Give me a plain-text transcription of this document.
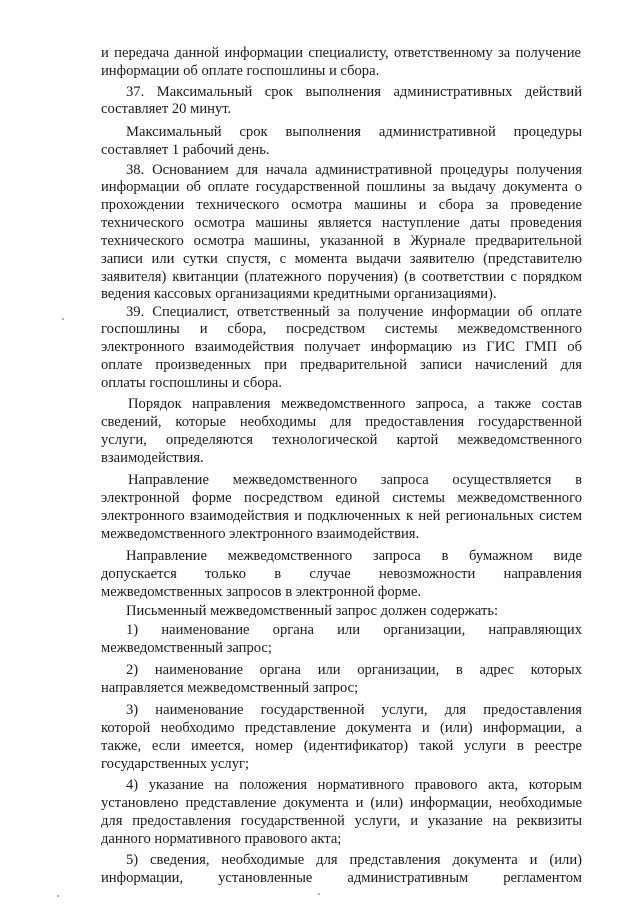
и передача данной информации специалисту, ответственному за получение
информации об оплате госпошлины и сбора.
37. Максимальный срок выполнения административных действий
составляет 20 минут.
Максимальный срок выполнения административной процедуры
составляет 1 рабочий день.
38. Основанием для начала административной процедуры получения
информации об оплате государственной пошлины за выдачу документа о
прохождении технического осмотра машины и сбора за проведение
технического осмотра машины является наступление даты проведения
технического осмотра машины, указанной в Журнале предварительной
записи или сутки спустя, с момента выдачи заявителю (представителю
заявителя) квитанции (платежного поручения) (в соответствии с порядком
ведения кассовых организациями кредитными организациями).
39. Специалист, ответственный за получение информации об оплате
госпошлины и сбора, посредством системы межведомственного
электронного взаимодействия получает информацию из ГИС ГМП об
оплате произведенных при предварительной записи начислений для
оплаты госпошлины и сбора.
Порядок направления межведомственного запроса, а также состав
сведений, которые необходимы для предоставления государственной
услуги, определяются технологической картой межведомственного
взаимодействия.
Направление межведомственного запроса осуществляется в
электронной форме посредством единой системы межведомственного
электронного взаимодействия и подключенных к ней региональных систем
межведомственного электронного взаимодействия.
Направление межведомственного запроса в бумажном виде
допускается только в случае невозможности направления
межведомственных запросов в электронной форме.
Письменный межведомственный запрос должен содержать:
1) наименование органа или организации, направляющих
межведомственный запрос;
2) наименование органа или организации, в адрес которых
направляется межведомственный запрос;
3) наименование государственной услуги, для предоставления
которой необходимо представление документа и (или) информации, а
также, если имеется, номер (идентификатор) такой услуги в реестре
государственных услуг;
4) указание на положения нормативного правового акта, которым
установлено представление документа и (или) информации, необходимые
для предоставления государственной услуги, и указание на реквизиты
данного нормативного правового акта;
5) сведения, необходимые для представления документа и (или)
информации, установленные административным регламентом
